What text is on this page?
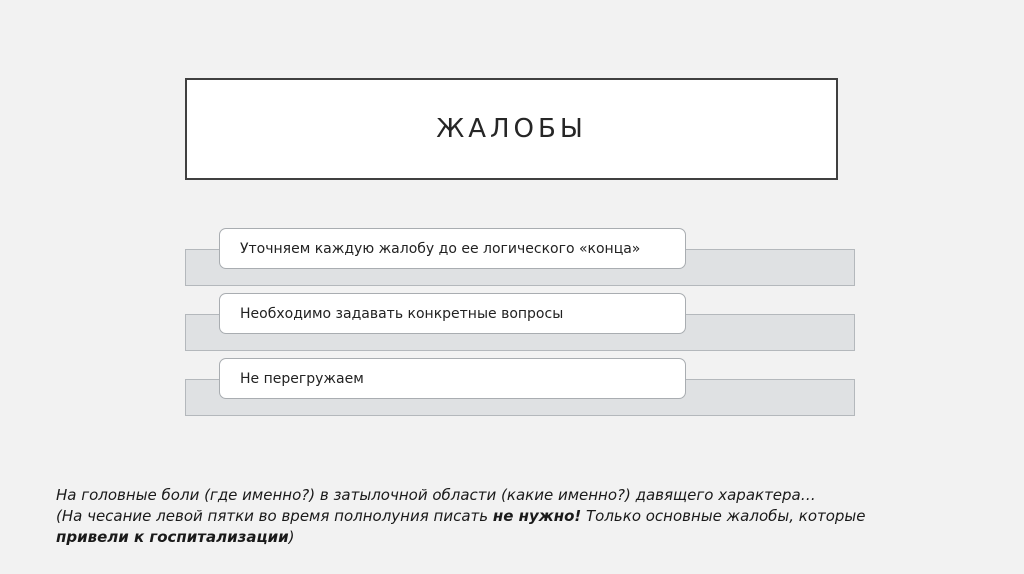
ЖАЛОБЫ
Уточняем каждую жалобу до ее логического «конца»
Необходимо задавать конкретные вопросы
Не перегружаем
На головные боли (где именно?) в затылочной области (какие именно?) давящего характера…
(На чесание левой пятки во время полнолуния писать не нужно! Только основные жалобы, которые
привели к госпитализации)
